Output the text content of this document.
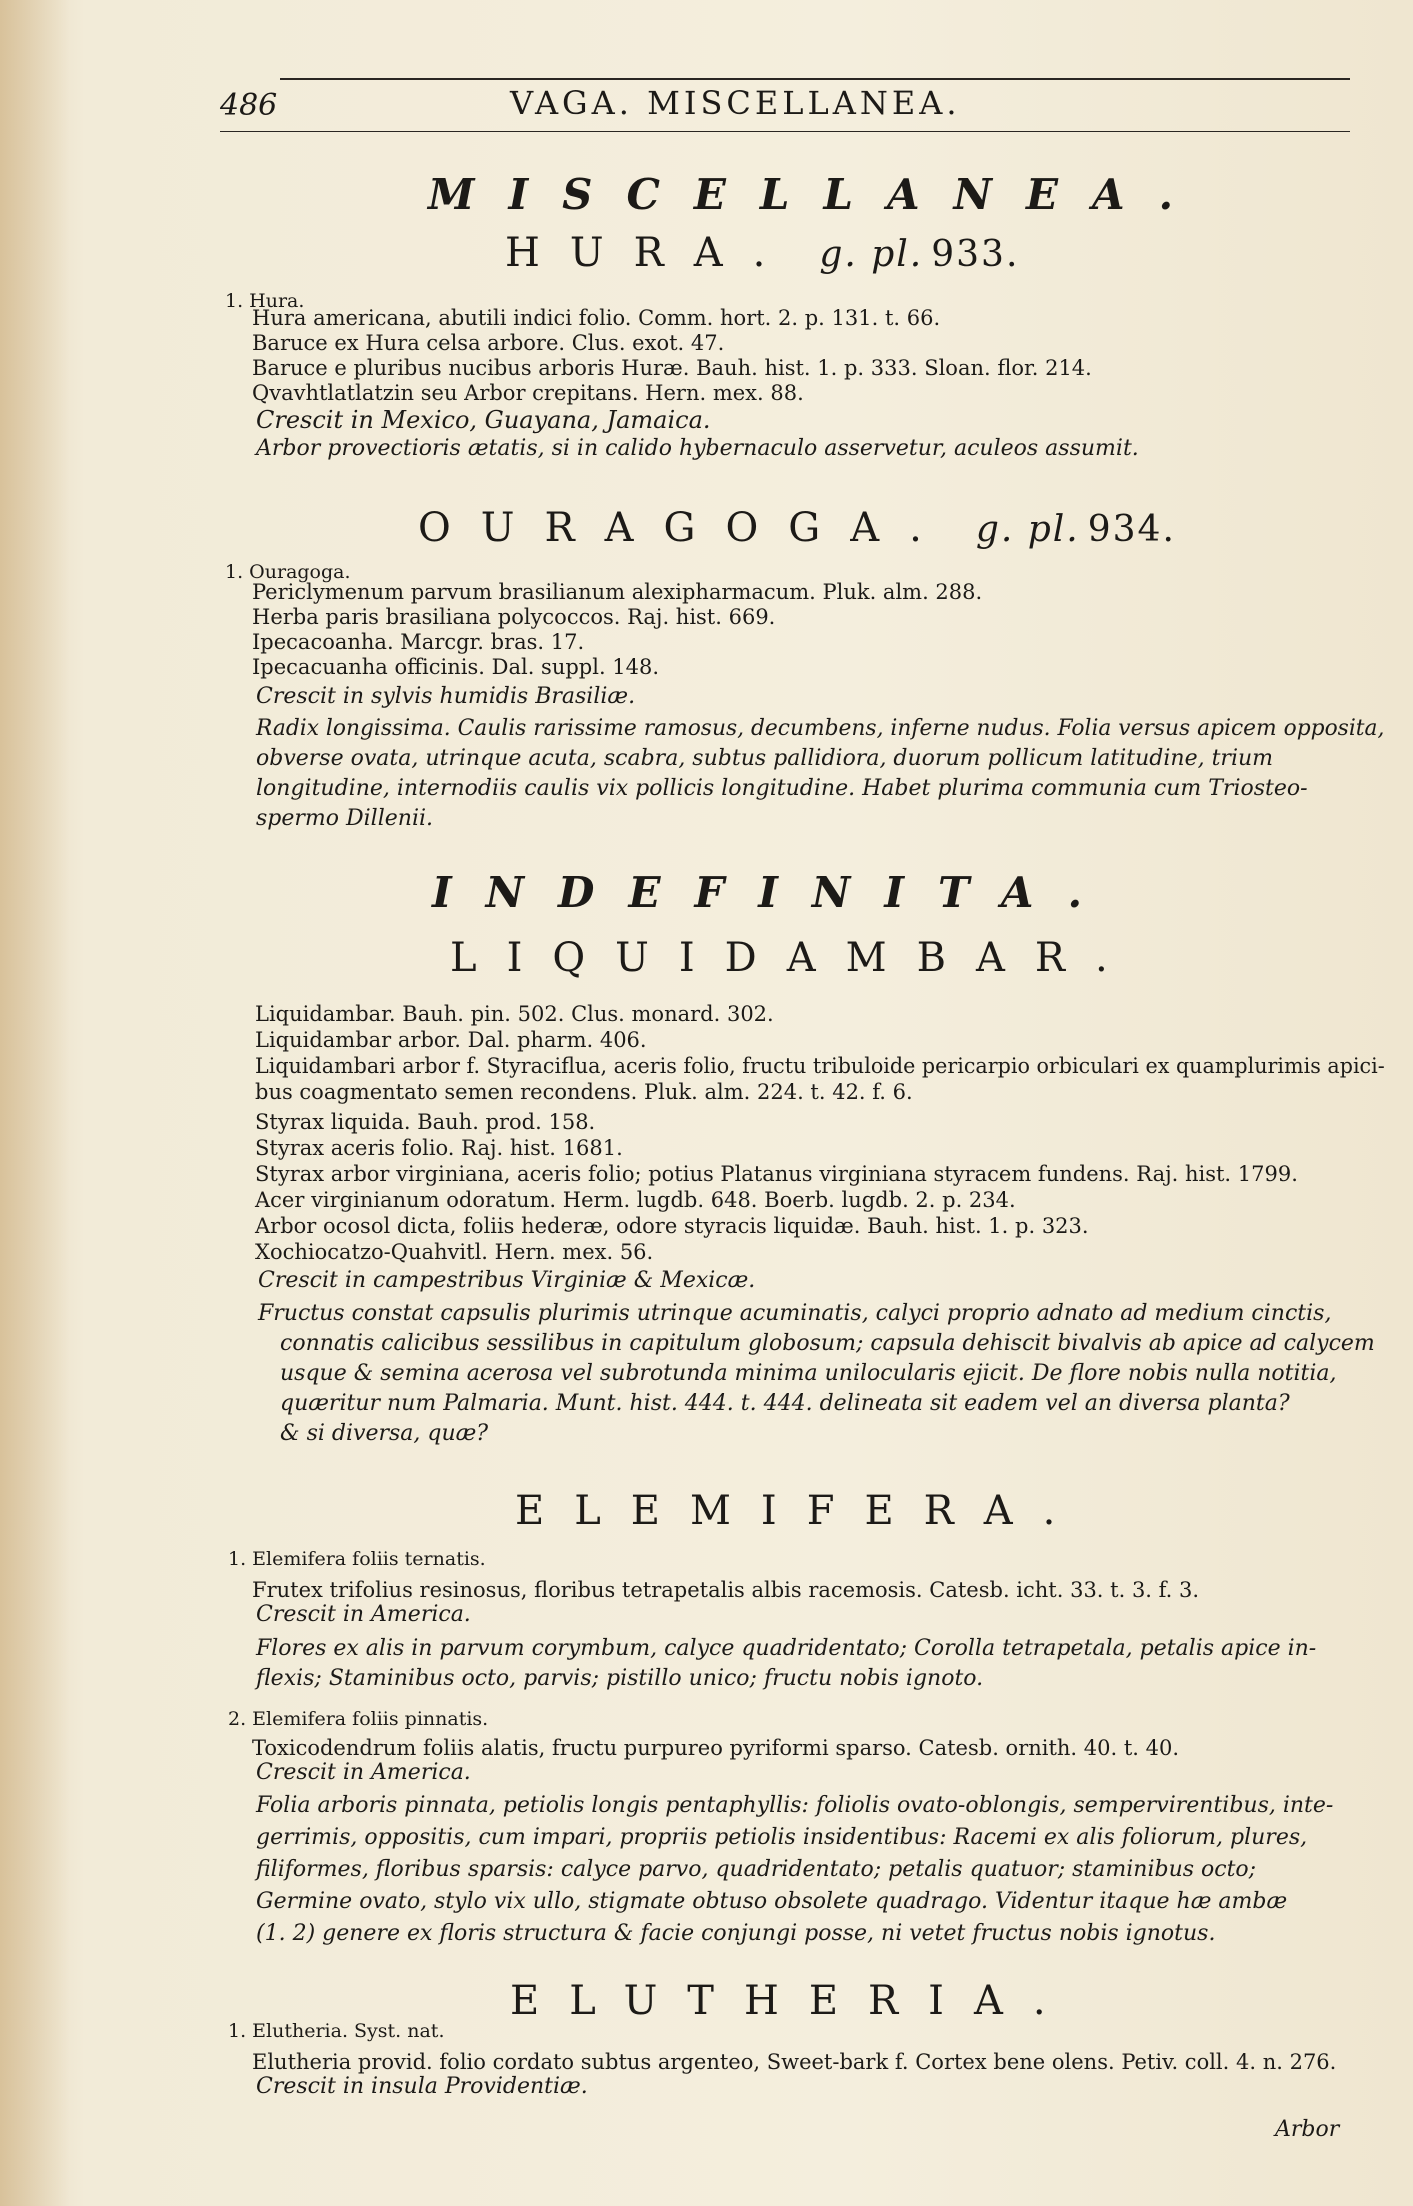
486	VAGA. MISCELLANEA.
MISCELLANEA.
HURA. g. pl. 933.
1. Hura.
Hura americana, abutili indici folio. Comm. hort. 2. p. 131. t. 66.
Baruce ex Hura celsa arbore. Clus. exot. 47.
Baruce e pluribus nucibus arboris Huræ. Bauh. hist. 1. p. 333. Sloan. flor. 214.
Qvavhtlatlatzin seu Arbor crepitans. Hern. mex. 88.
Crescit in Mexico, Guayana, Jamaica.
Arbor provectioris ætatis, si in calido hybernaculo asservetur, aculeos assumit.
OURAGOGA. g. pl. 934.
1. Ouragoga.
Periclymenum parvum brasilianum alexipharmacum. Pluk. alm. 288.
Herba paris brasiliana polycoccos. Raj. hist. 669.
Ipecacoanha. Marcgr. bras. 17.
Ipecacuanha officinis. Dal. suppl. 148.
Crescit in sylvis humidis Brasiliæ.
Radix longissima. Caulis rarissime ramosus, decumbens, inferne nudus. Folia versus apicem opposita,
obverse ovata, utrinque acuta, scabra, subtus pallidiora, duorum pollicum latitudine, trium
longitudine, internodiis caulis vix pollicis longitudine. Habet plurima communia cum Triosteo-
spermo Dillenii.
INDEFINITA.
LIQUIDAMBAR.
Liquidambar. Bauh. pin. 502. Clus. monard. 302.
Liquidambar arbor. Dal. pharm. 406.
Liquidambari arbor f. Styraciflua, aceris folio, fructu tribuloide pericarpio orbiculari ex quamplurimis apici-
bus coagmentato semen recondens. Pluk. alm. 224. t. 42. f. 6.
Styrax liquida. Bauh. prod. 158.
Styrax aceris folio. Raj. hist. 1681.
Styrax arbor virginiana, aceris folio; potius Platanus virginiana styracem fundens. Raj. hist. 1799.
Acer virginianum odoratum. Herm. lugdb. 648. Boerb. lugdb. 2. p. 234.
Arbor ocosol dicta, foliis hederæ, odore styracis liquidæ. Bauh. hist. 1. p. 323.
Xochiocatzo-Quahvitl. Hern. mex. 56.
Crescit in campestribus Virginiæ & Mexicæ.
Fructus constat capsulis plurimis utrinque acuminatis, calyci proprio adnato ad medium cinctis,
connatis calicibus sessilibus in capitulum globosum; capsula dehiscit bivalvis ab apice ad calycem
usque & semina acerosa vel subrotunda minima unilocularis ejicit. De flore nobis nulla notitia,
quæritur num Palmaria. Munt. hist. 444. t. 444. delineata sit eadem vel an diversa planta?
& si diversa, quæ?
ELEMIFERA.
1. Elemifera foliis ternatis.
Frutex trifolius resinosus, floribus tetrapetalis albis racemosis. Catesb. icht. 33. t. 3. f. 3.
Crescit in America.
Flores ex alis in parvum corymbum, calyce quadridentato; Corolla tetrapetala, petalis apice in-
flexis; Staminibus octo, parvis; pistillo unico; fructu nobis ignoto.
2. Elemifera foliis pinnatis.
Toxicodendrum foliis alatis, fructu purpureo pyriformi sparso. Catesb. ornith. 40. t. 40.
Crescit in America.
Folia arboris pinnata, petiolis longis pentaphyllis: foliolis ovato-oblongis, sempervirentibus, inte-
gerrimis, oppositis, cum impari, propriis petiolis insidentibus: Racemi ex alis foliorum, plures,
filiformes, floribus sparsis: calyce parvo, quadridentato; petalis quatuor; staminibus octo;
Germine ovato, stylo vix ullo, stigmate obtuso obsolete quadrago. Videntur itaque hæ ambæ
(1. 2) genere ex floris structura & facie conjungi posse, ni vetet fructus nobis ignotus.
ELUTHERIA.
1. Elutheria. Syst. nat.
Elutheria provid. folio cordato subtus argenteo, Sweet-bark f. Cortex bene olens. Petiv. coll. 4. n. 276.
Crescit in insula Providentiæ.
Arbor
